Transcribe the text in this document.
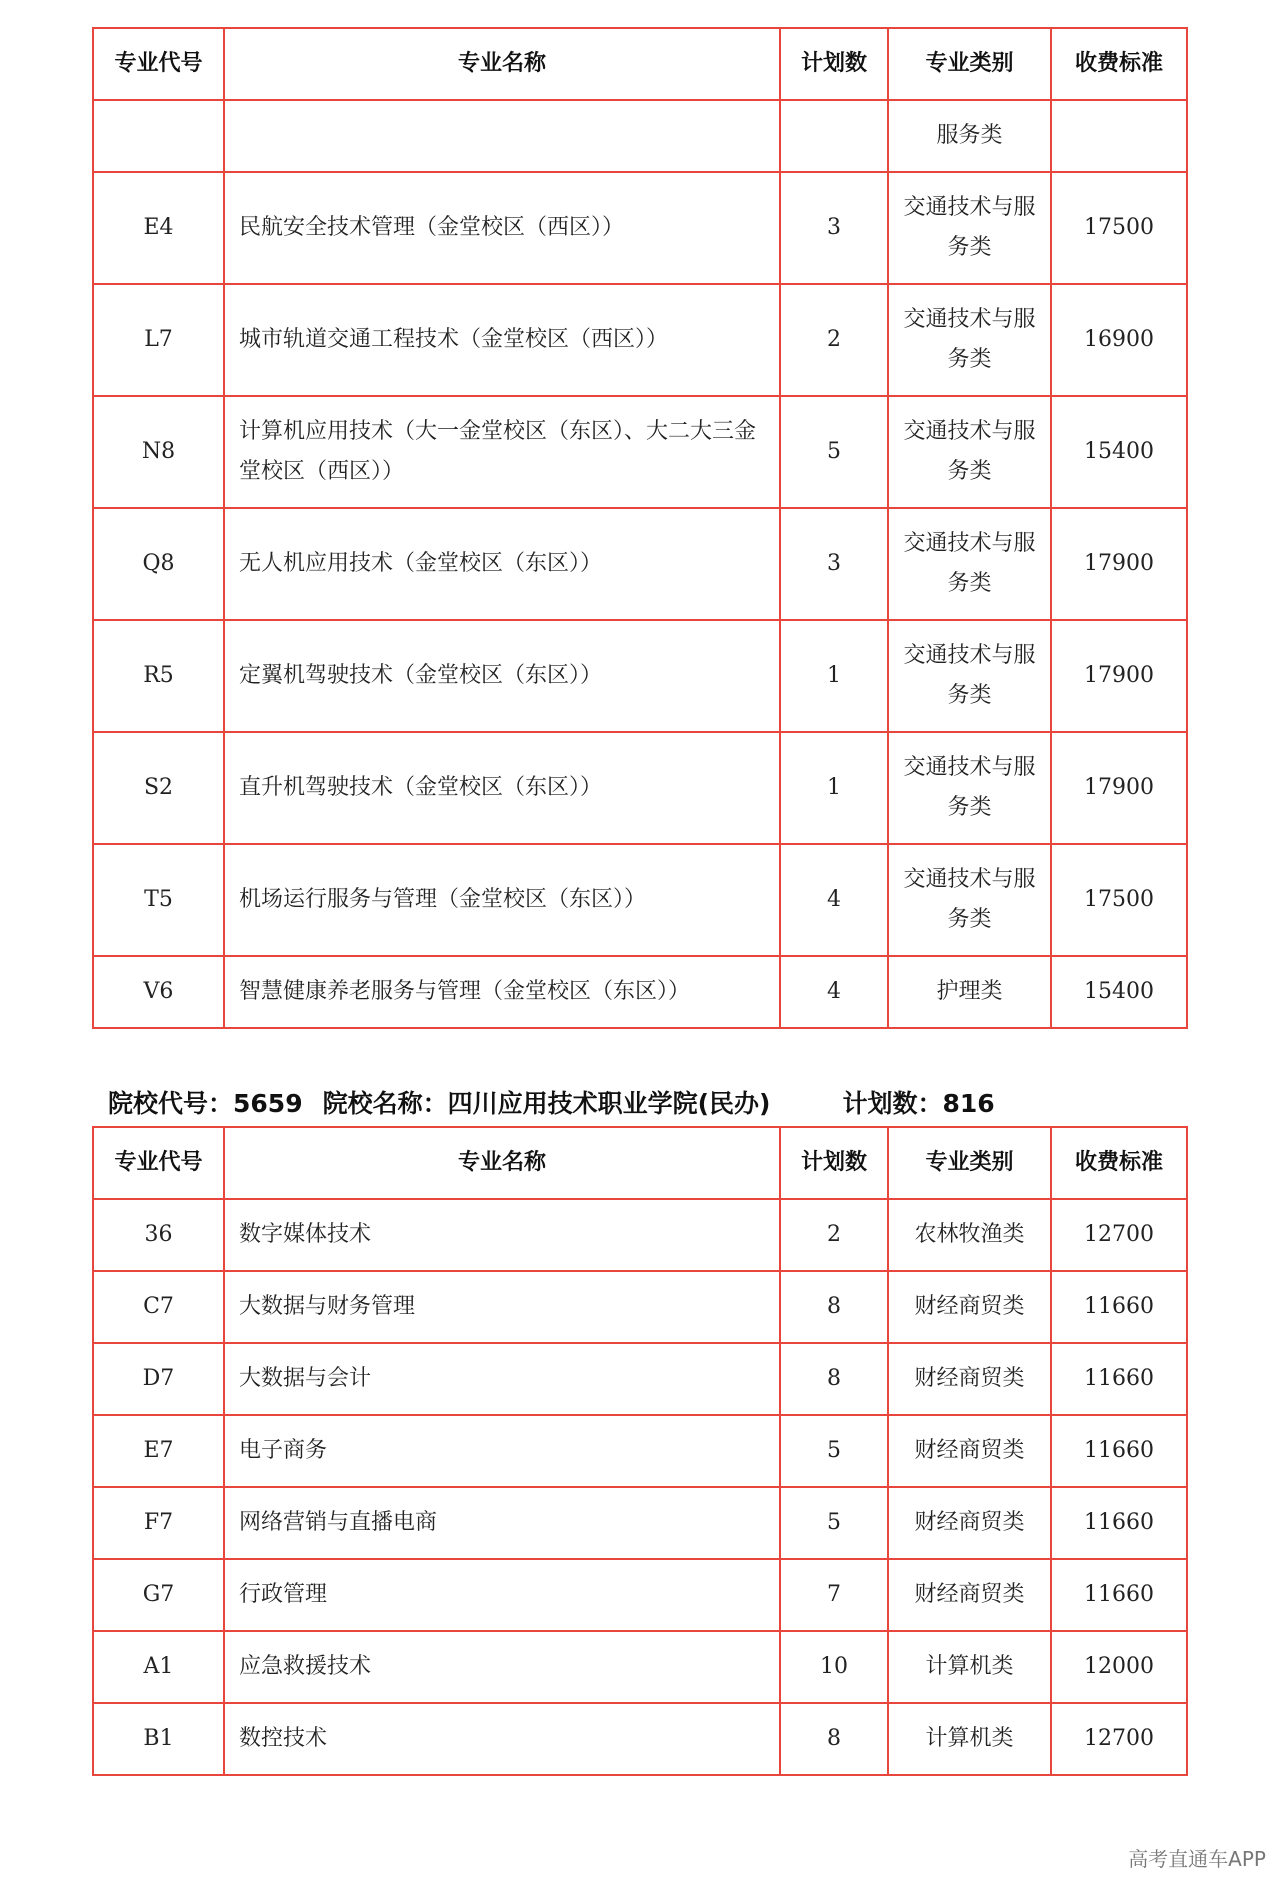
专业代号	专业名称	计划数	专业类别	收费标准
			服务类	
E4	民航安全技术管理（金堂校区（西区））	3	交通技术与服务类	17500
L7	城市轨道交通工程技术（金堂校区（西区））	2	交通技术与服务类	16900
N8	计算机应用技术（大一金堂校区（东区）、大二大三金堂校区（西区））	5	交通技术与服务类	15400
Q8	无人机应用技术（金堂校区（东区））	3	交通技术与服务类	17900
R5	定翼机驾驶技术（金堂校区（东区））	1	交通技术与服务类	17900
S2	直升机驾驶技术（金堂校区（东区））	1	交通技术与服务类	17900
T5	机场运行服务与管理（金堂校区（东区））	4	交通技术与服务类	17500
V6	智慧健康养老服务与管理（金堂校区（东区））	4	护理类	15400
院校代号：5659 院校名称：四川应用技术职业学院(民办)	计划数：816
专业代号	专业名称	计划数	专业类别	收费标准
36	数字媒体技术	2	农林牧渔类	12700
C7	大数据与财务管理	8	财经商贸类	11660
D7	大数据与会计	8	财经商贸类	11660
E7	电子商务	5	财经商贸类	11660
F7	网络营销与直播电商	5	财经商贸类	11660
G7	行政管理	7	财经商贸类	11660
A1	应急救援技术	10	计算机类	12000
B1	数控技术	8	计算机类	12700
高考直通车APP
